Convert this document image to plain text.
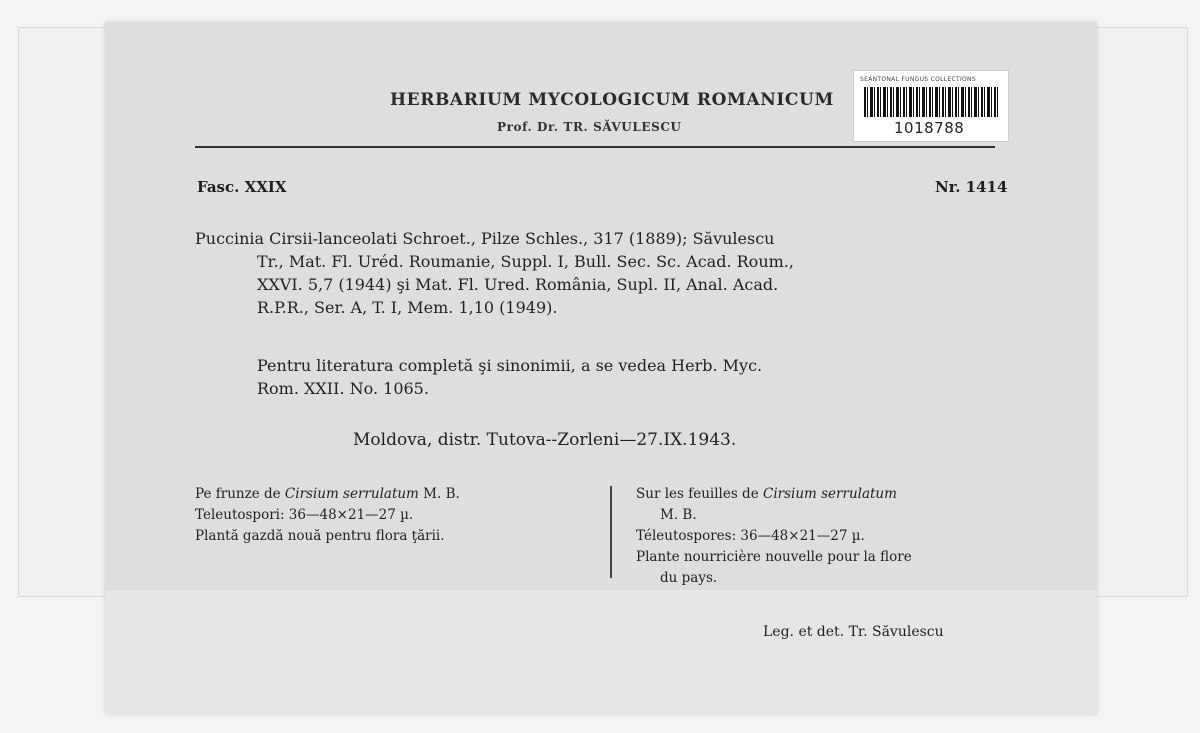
HERBARIUM MYCOLOGICUM ROMANICUM
Prof. Dr. TR. SĂVULESCU
SEANTONAL FUNGUS COLLECTIONS
1018788
Fasc. XXIX	Nr. 1414
Puccinia Cirsii-lanceolati Schroet., Pilze Schles., 317 (1889); Săvulescu
Tr., Mat. Fl. Uréd. Roumanie, Suppl. I, Bull. Sec. Sc. Acad. Roum.,
XXVI. 5,7 (1944) şi Mat. Fl. Ured. România, Supl. II, Anal. Acad.
R.P.R., Ser. A, T. I, Mem. 1,10 (1949).
Pentru literatura completă şi sinonimii, a se vedea Herb. Myc.
Rom. XXII. No. 1065.
Moldova, distr. Tutova--Zorleni—27.IX.1943.
Pe frunze de Cirsium serrulatum M. B.
Teleutospori: 36—48×21—27 µ.
Plantă gazdă nouă pentru flora ţării.
Sur les feuilles de Cirsium serrulatum
M. B.
Téleutospores: 36—48×21—27 µ.
Plante nourricière nouvelle pour la flore
du pays.
Leg. et det. Tr. Săvulescu
